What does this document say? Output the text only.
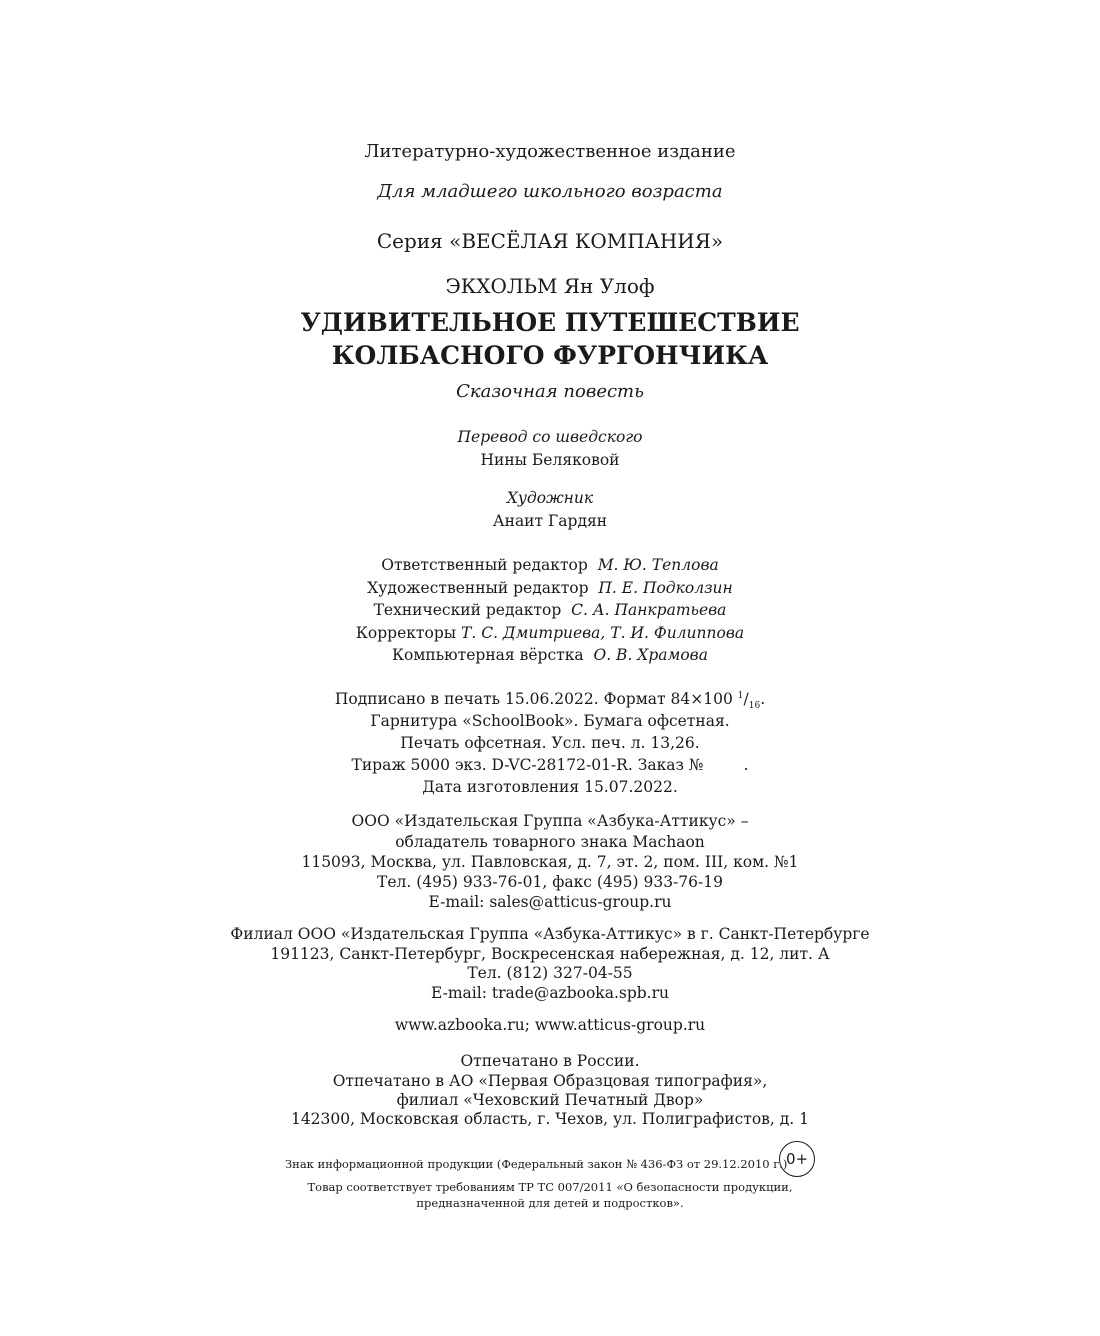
Литературно-художественное издание
Для младшего школьного возраста
Серия «ВЕСЁЛАЯ КОМПАНИЯ»
ЭКХОЛЬМ Ян Улоф
УДИВИТЕЛЬНОЕ ПУТЕШЕСТВИЕ
КОЛБАСНОГО ФУРГОНЧИКА
Сказочная повесть
Перевод со шведского
Нины Беляковой
Художник
Анаит Гардян
Ответственный редактор М. Ю. Теплова
Художественный редактор П. Е. Подколзин
Технический редактор С. А. Панкратьева
Корректоры Т. С. Дмитриева, Т. И. Филиппова
Компьютерная вёрстка О. В. Храмова
Подписано в печать 15.06.2022. Формат 84×100 $^1/_{16}$.
Гарнитура «SchoolBook». Бумага офсетная.
Печать офсетная. Усл. печ. л. 13,26.
Тираж 5000 экз. D-VC-28172-01-R. Заказ №	.
Дата изготовления 15.07.2022.
ООО «Издательская Группа «Азбука-Аттикус» –
обладатель товарного знака Machaon
115093, Москва, ул. Павловская, д. 7, эт. 2, пом. III, ком. №1
Тел. (495) 933-76-01, факс (495) 933-76-19
E-mail: sales@atticus-group.ru
Филиал ООО «Издательская Группа «Азбука-Аттикус» в г. Санкт-Петербурге
191123, Санкт-Петербург, Воскресенская набережная, д. 12, лит. А
Тел. (812) 327-04-55
E-mail: trade@azbooka.spb.ru
www.azbooka.ru; www.atticus-group.ru
Отпечатано в России.
Отпечатано в АО «Первая Образцовая типография»,
филиал «Чеховский Печатный Двор»
142300, Московская область, г. Чехов, ул. Полиграфистов, д. 1
Знак информационной продукции (Федеральный закон № 436-ФЗ от 29.12.2010 г.)
0+
Товар соответствует требованиям ТР ТС 007/2011 «О безопасности продукции,
предназначенной для детей и подростков».
